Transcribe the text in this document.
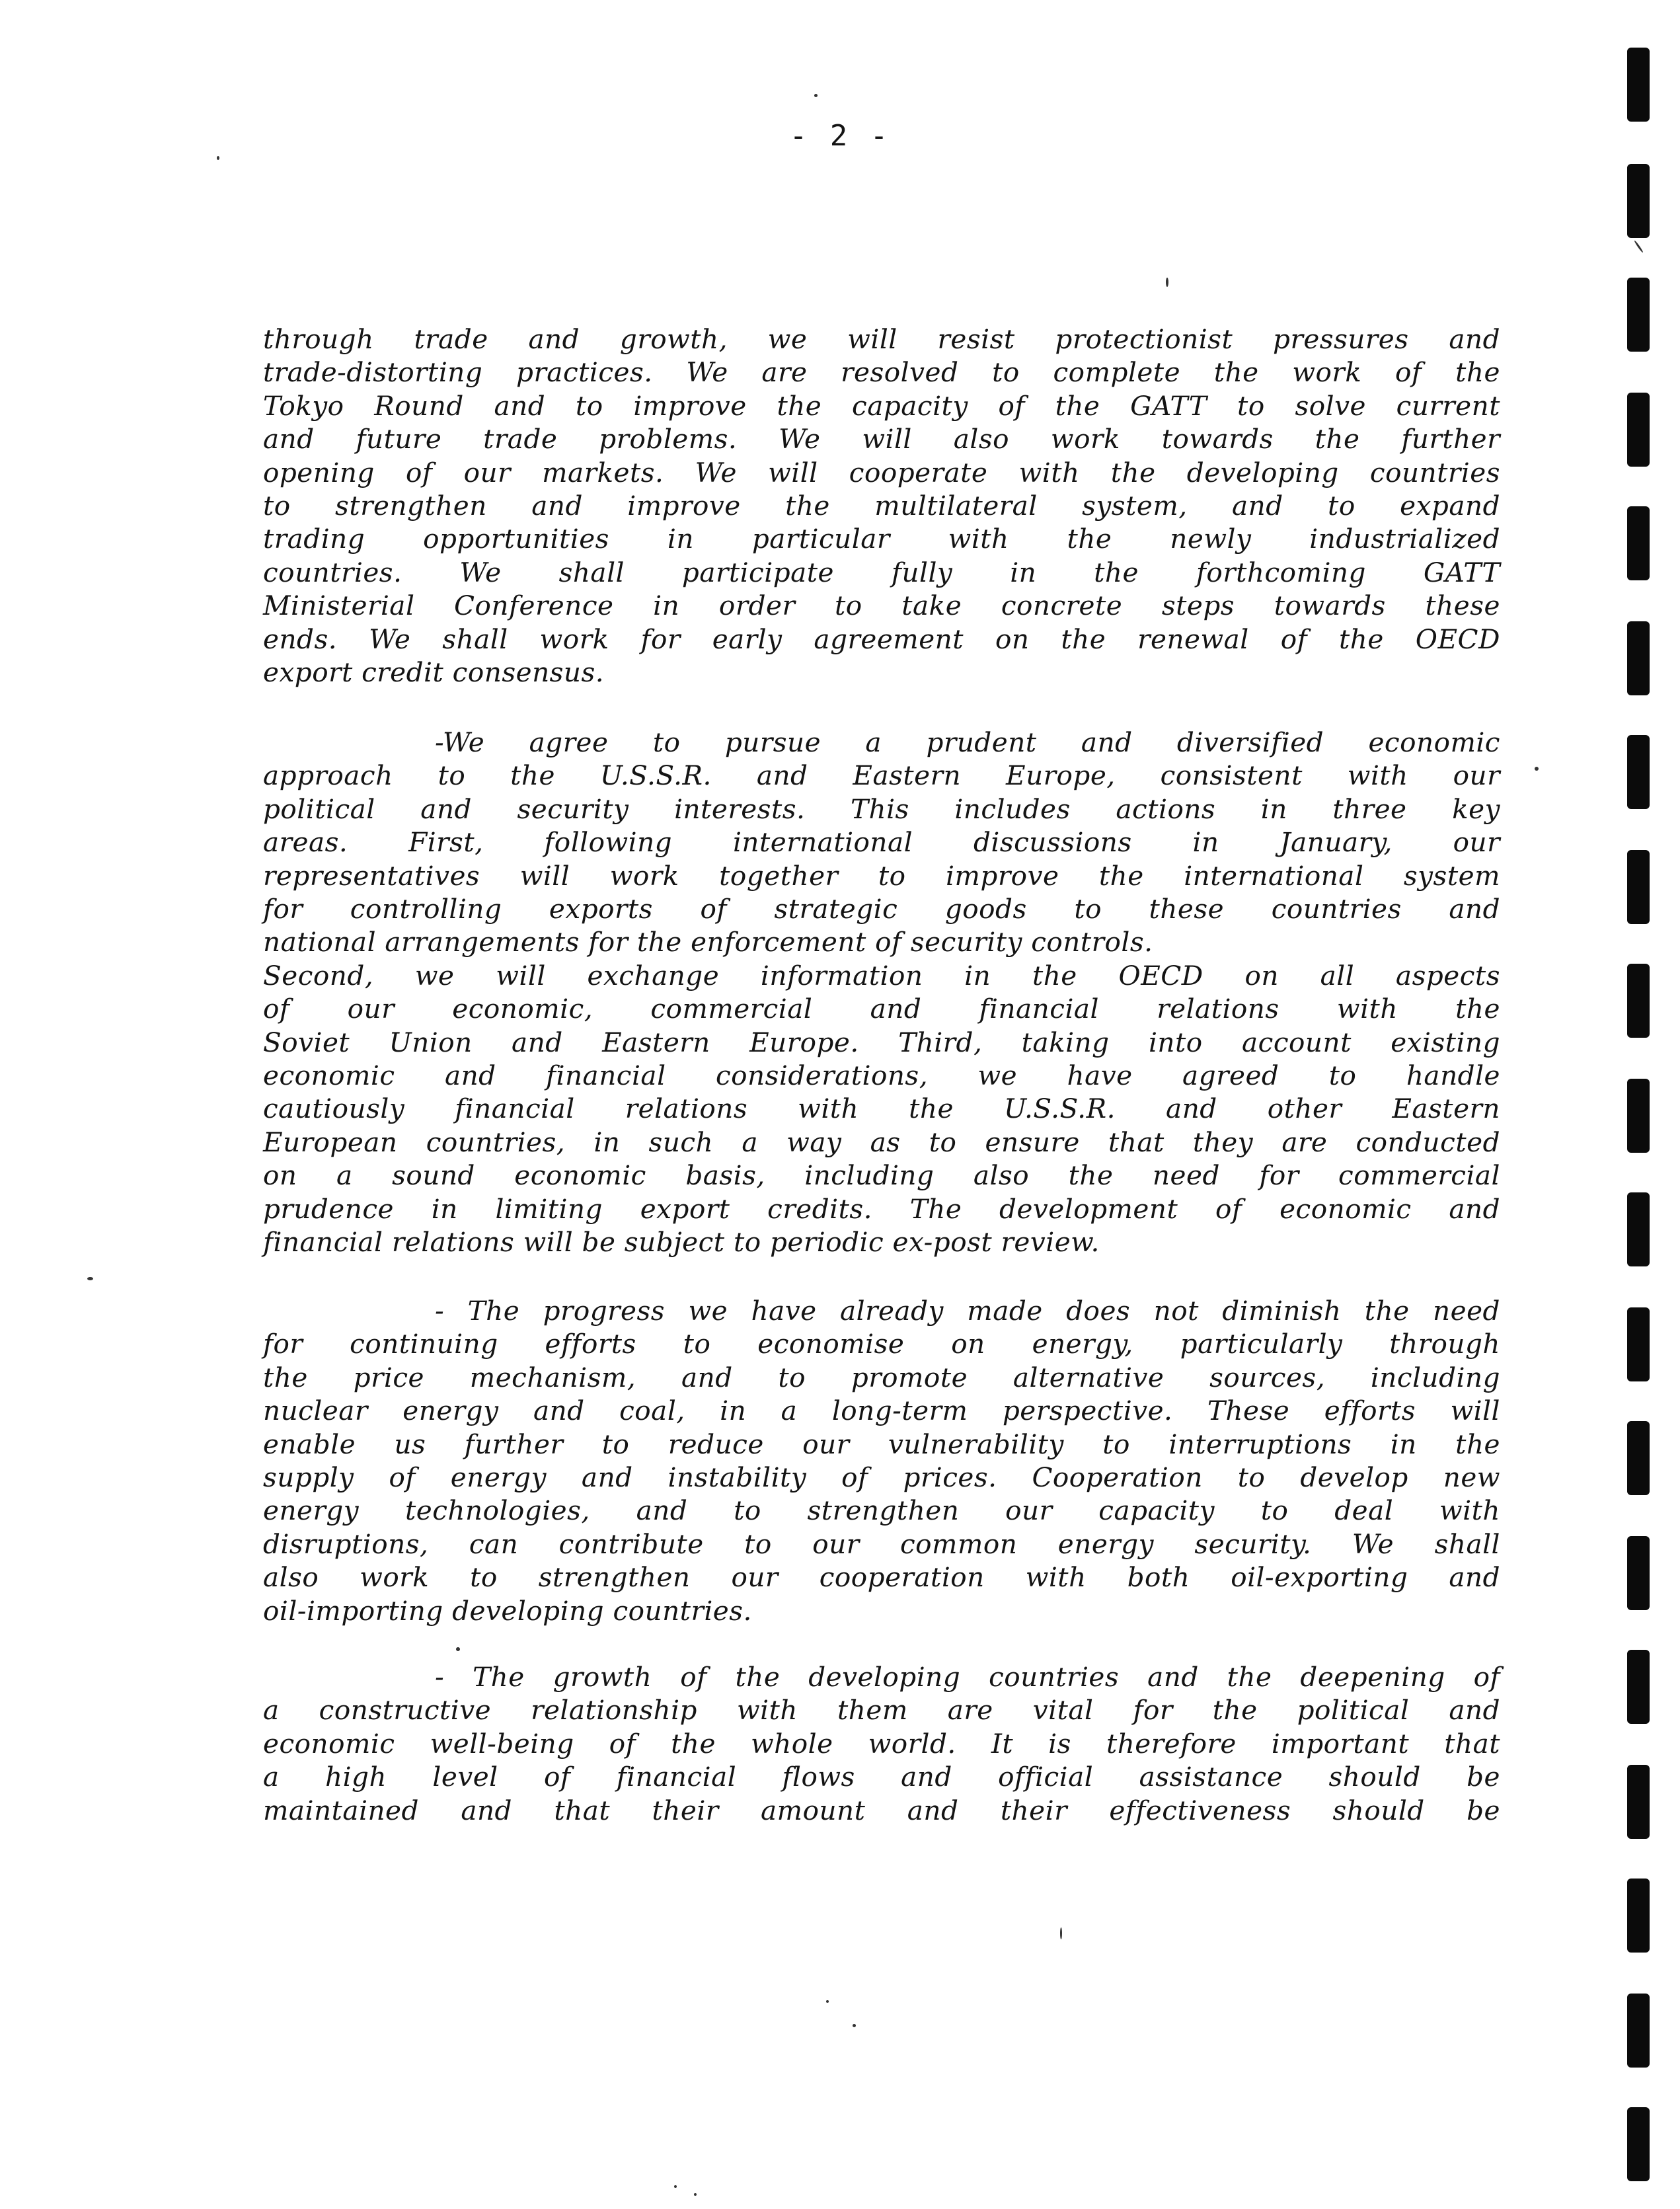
- 2 -
through trade and growth, we will resist protectionist pressures and
trade-distorting practices. We are resolved to complete the work of the
Tokyo Round and to improve the capacity of the GATT to solve current
and future trade problems. We will also work towards the further
opening of our markets. We will cooperate with the developing countries
to strengthen and improve the multilateral system, and to expand
trading opportunities in particular with the newly industrialized
countries. We shall participate fully in the forthcoming GATT
Ministerial Conference in order to take concrete steps towards these
ends. We shall work for early agreement on the renewal of the OECD
export credit consensus.
-We agree to pursue a prudent and diversified economic
approach to the U.S.S.R. and Eastern Europe, consistent with our
political and security interests. This includes actions in three key
areas. First, following international discussions in January, our
representatives will work together to improve the international system
for controlling exports of strategic goods to these countries and
national arrangements for the enforcement of security controls.
Second, we will exchange information in the OECD on all aspects
of our economic, commercial and financial relations with the
Soviet Union and Eastern Europe. Third, taking into account existing
economic and financial considerations, we have agreed to handle
cautiously financial relations with the U.S.S.R. and other Eastern
European countries, in such a way as to ensure that they are conducted
on a sound economic basis, including also the need for commercial
prudence in limiting export credits. The development of economic and
financial relations will be subject to periodic ex-post review.
- The progress we have already made does not diminish the need
for continuing efforts to economise on energy, particularly through
the price mechanism, and to promote alternative sources, including
nuclear energy and coal, in a long-term perspective. These efforts will
enable us further to reduce our vulnerability to interruptions in the
supply of energy and instability of prices. Cooperation to develop new
energy technologies, and to strengthen our capacity to deal with
disruptions, can contribute to our common energy security. We shall
also work to strengthen our cooperation with both oil-exporting and
oil-importing developing countries.
- The growth of the developing countries and the deepening of
a constructive relationship with them are vital for the political and
economic well-being of the whole world. It is therefore important that
a high level of financial flows and official assistance should be
maintained and that their amount and their effectiveness should be
